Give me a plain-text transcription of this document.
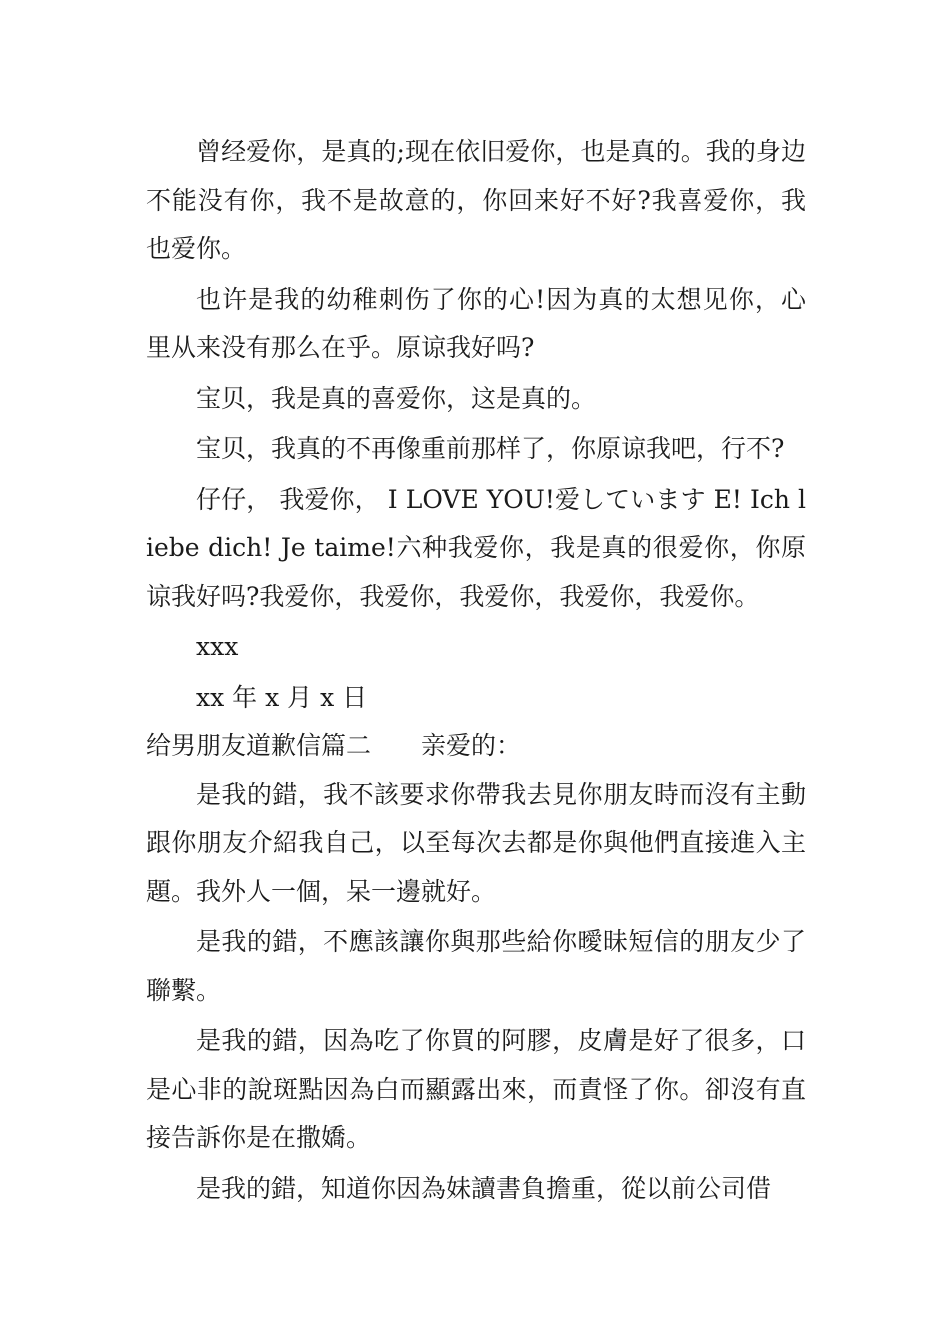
曾经爱你，是真的;现在依旧爱你，也是真的。我的身边不能没有你，我不是故意的，你回来好不好?我喜爱你，我也爱你。

也许是我的幼稚刺伤了你的心!因为真的太想见你，心里从来没有那么在乎。原谅我好吗?

宝贝，我是真的喜爱你，这是真的。

宝贝，我真的不再像重前那样了，你原谅我吧，行不?

仔仔， 我爱你， I LOVE YOU!爱しています E! Ich liebe dich! Je taime!六种我爱你，我是真的很爱你，你原谅我好吗?我爱你，我爱你，我爱你，我爱你，我爱你。

xxx

xx 年 x 月 x 日

给男朋友道歉信篇二 亲爱的：

是我的錯，我不該要求你帶我去見你朋友時而沒有主動跟你朋友介紹我自己，以至每次去都是你與他們直接進入主題。我外人一個，呆一邊就好。

是我的錯，不應該讓你與那些給你曖昧短信的朋友少了聯繫。

是我的錯，因為吃了你買的阿膠，皮膚是好了很多，口是心非的說斑點因為白而顯露出來，而責怪了你。卻沒有直接告訴你是在撒嬌。

是我的錯，知道你因為妹讀書負擔重，從以前公司借
